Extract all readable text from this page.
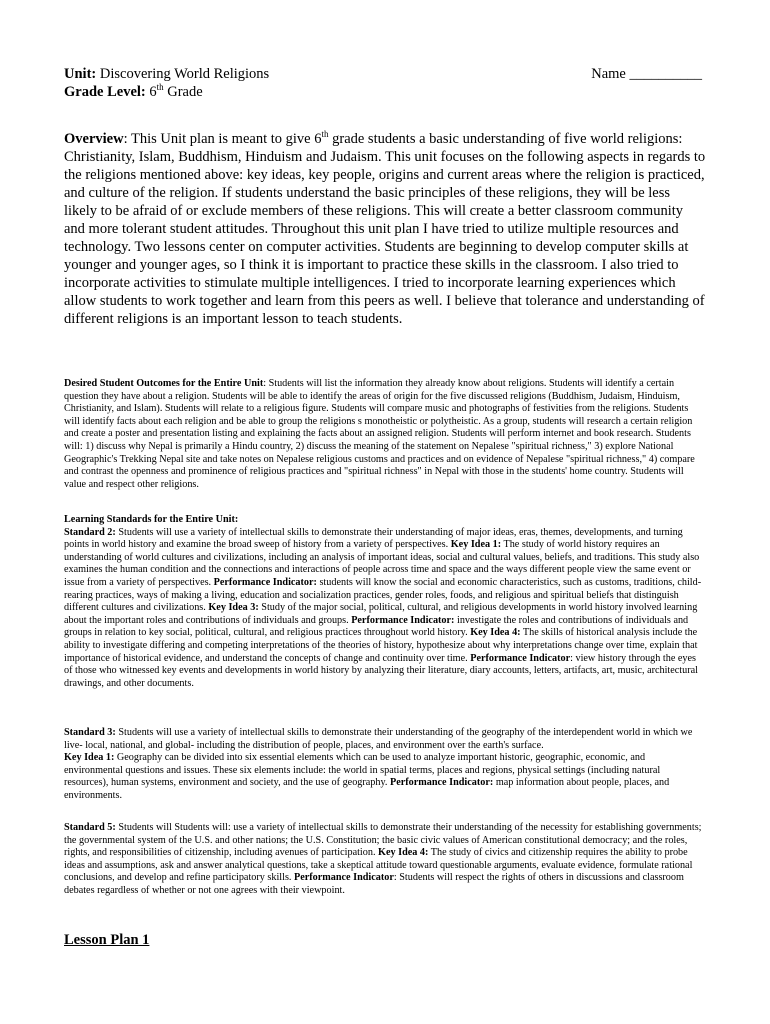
Unit: Discovering World Religions	Name __________
Grade Level: 6th Grade

Overview: This Unit plan is meant to give 6th grade students a basic understanding of five world religions: Christianity, Islam, Buddhism, Hinduism and Judaism. This unit focuses on the following aspects in regards to the religions mentioned above: key ideas, key people, origins and current areas where the religion is practiced, and culture of the religion. If students understand the basic principles of these religions, they will be less likely to be afraid of or exclude members of these religions. This will create a better classroom community and more tolerant student attitudes. Throughout this unit plan I have tried to utilize multiple resources and technology. Two lessons center on computer activities. Students are beginning to develop computer skills at younger and younger ages, so I think it is important to practice these skills in the classroom. I also tried to incorporate activities to stimulate multiple intelligences. I tried to incorporate learning experiences which allow students to work together and learn from this peers as well. I believe that tolerance and understanding of different religions is an important lesson to teach students.

Desired Student Outcomes for the Entire Unit: Students will list the information they already know about religions. Students will identify a certain question they have about a religion. Students will be able to identify the areas of origin for the five discussed religions (Buddhism, Judaism, Hinduism, Christianity, and Islam). Students will relate to a religious figure. Students will compare music and photographs of festivities from the religions. Students will identify facts about each religion and be able to group the religions s monotheistic or polytheistic. As a group, students will research a certain religion and create a poster and presentation listing and explaining the facts about an assigned religion. Students will perform internet and book research. Students will: 1) discuss why Nepal is primarily a Hindu country, 2) discuss the meaning of the statement on Nepalese "spiritual richness," 3) explore National Geographic's Trekking Nepal site and take notes on Nepalese religious customs and practices and on evidence of Nepalese "spiritual richness," 4) compare and contrast the openness and prominence of religious practices and "spiritual richness" in Nepal with those in the students' home country. Students will value and respect other religions.

Learning Standards for the Entire Unit:

Standard 2: Students will use a variety of intellectual skills to demonstrate their understanding of major ideas, eras, themes, developments, and turning points in world history and examine the broad sweep of history from a variety of perspectives. Key Idea 1: The study of world history requires an understanding of world cultures and civilizations, including an analysis of important ideas, social and cultural values, beliefs, and traditions. This study also examines the human condition and the connections and interactions of people across time and space and the ways different people view the same event or issue from a variety of perspectives. Performance Indicator: students will know the social and economic characteristics, such as customs, traditions, child-rearing practices, ways of making a living, education and socialization practices, gender roles, foods, and religious and spiritual beliefs that distinguish different cultures and civilizations. Key Idea 3: Study of the major social, political, cultural, and religious developments in world history involved learning about the important roles and contributions of individuals and groups. Performance Indicator: investigate the roles and contributions of individuals and groups in relation to key social, political, cultural, and religious practices throughout world history. Key Idea 4: The skills of historical analysis include the ability to investigate differing and competing interpretations of the theories of history, hypothesize about why interpretations change over time, explain that importance of historical evidence, and understand the concepts of change and continuity over time. Performance Indicator: view history through the eyes of those who witnessed key events and developments in world history by analyzing their literature, diary accounts, letters, artifacts, art, music, architectural drawings, and other documents.

Standard 3: Students will use a variety of intellectual skills to demonstrate their understanding of the geography of the interdependent world in which we live- local, national, and global- including the distribution of people, places, and environment over the earth's surface.
Key Idea 1: Geography can be divided into six essential elements which can be used to analyze important historic, geographic, economic, and environmental questions and issues. These six elements include: the world in spatial terms, places and regions, physical settings (including natural resources), human systems, environment and society, and the use of geography. Performance Indicator: map information about people, places, and environments.

Standard 5: Students will Students will: use a variety of intellectual skills to demonstrate their understanding of the necessity for establishing governments; the governmental system of the U.S. and other nations; the U.S. Constitution; the basic civic values of American constitutional democracy; and the roles, rights, and responsibilities of citizenship, including avenues of participation. Key Idea 4: The study of civics and citizenship requires the ability to probe ideas and assumptions, ask and answer analytical questions, take a skeptical attitude toward questionable arguments, evaluate evidence, formulate rational conclusions, and develop and refine participatory skills. Performance Indicator: Students will respect the rights of others in discussions and classroom debates regardless of whether or not one agrees with their viewpoint.

Lesson Plan 1
